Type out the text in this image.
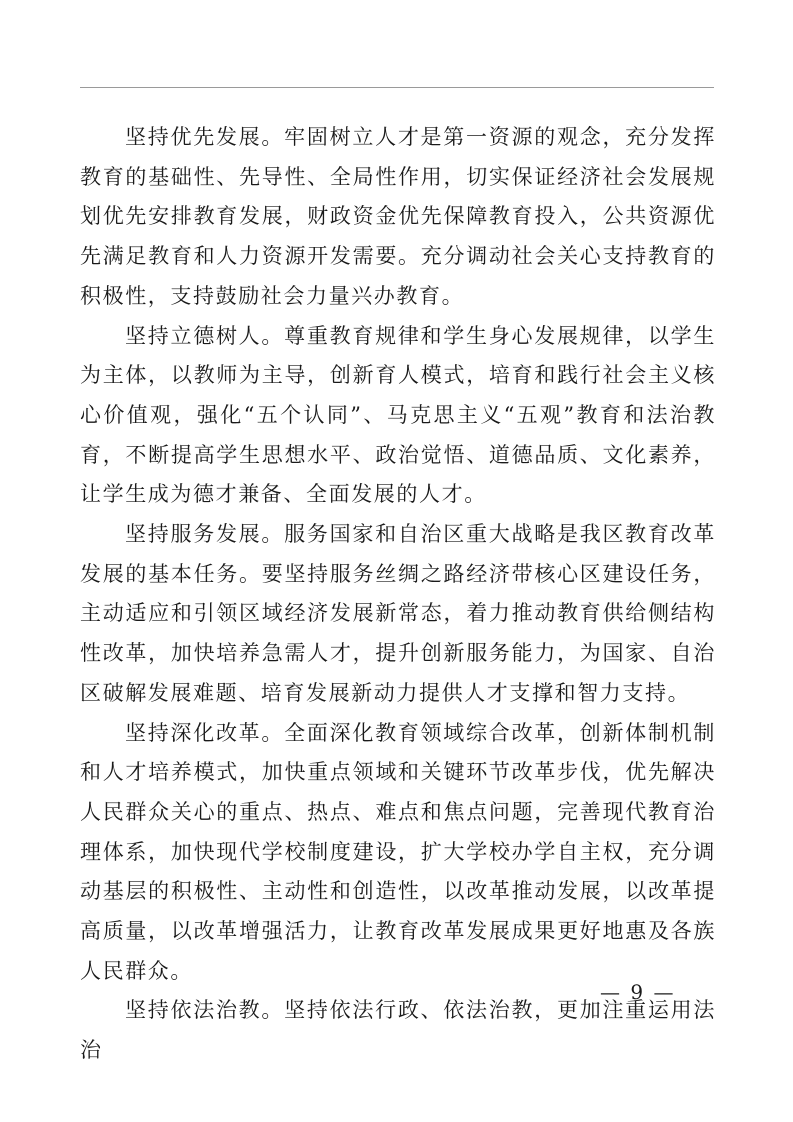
坚持优先发展。牢固树立人才是第一资源的观念，充分发挥教育的基础性、先导性、全局性作用，切实保证经济社会发展规划优先安排教育发展，财政资金优先保障教育投入，公共资源优先满足教育和人力资源开发需要。充分调动社会关心支持教育的积极性，支持鼓励社会力量兴办教育。

坚持立德树人。尊重教育规律和学生身心发展规律，以学生为主体，以教师为主导，创新育人模式，培育和践行社会主义核心价值观，强化“五个认同”、马克思主义“五观”教育和法治教育，不断提高学生思想水平、政治觉悟、道德品质、文化素养，让学生成为德才兼备、全面发展的人才。

坚持服务发展。服务国家和自治区重大战略是我区教育改革发展的基本任务。要坚持服务丝绸之路经济带核心区建设任务，主动适应和引领区域经济发展新常态，着力推动教育供给侧结构性改革，加快培养急需人才，提升创新服务能力，为国家、自治区破解发展难题、培育发展新动力提供人才支撑和智力支持。

坚持深化改革。全面深化教育领域综合改革，创新体制机制和人才培养模式，加快重点领域和关键环节改革步伐，优先解决人民群众关心的重点、热点、难点和焦点问题，完善现代教育治理体系，加快现代学校制度建设，扩大学校办学自主权，充分调动基层的积极性、主动性和创造性，以改革推动发展，以改革提高质量，以改革增强活力，让教育改革发展成果更好地惠及各族人民群众。

坚持依法治教。坚持依法行政、依法治教，更加注重运用法治

— 9 —
